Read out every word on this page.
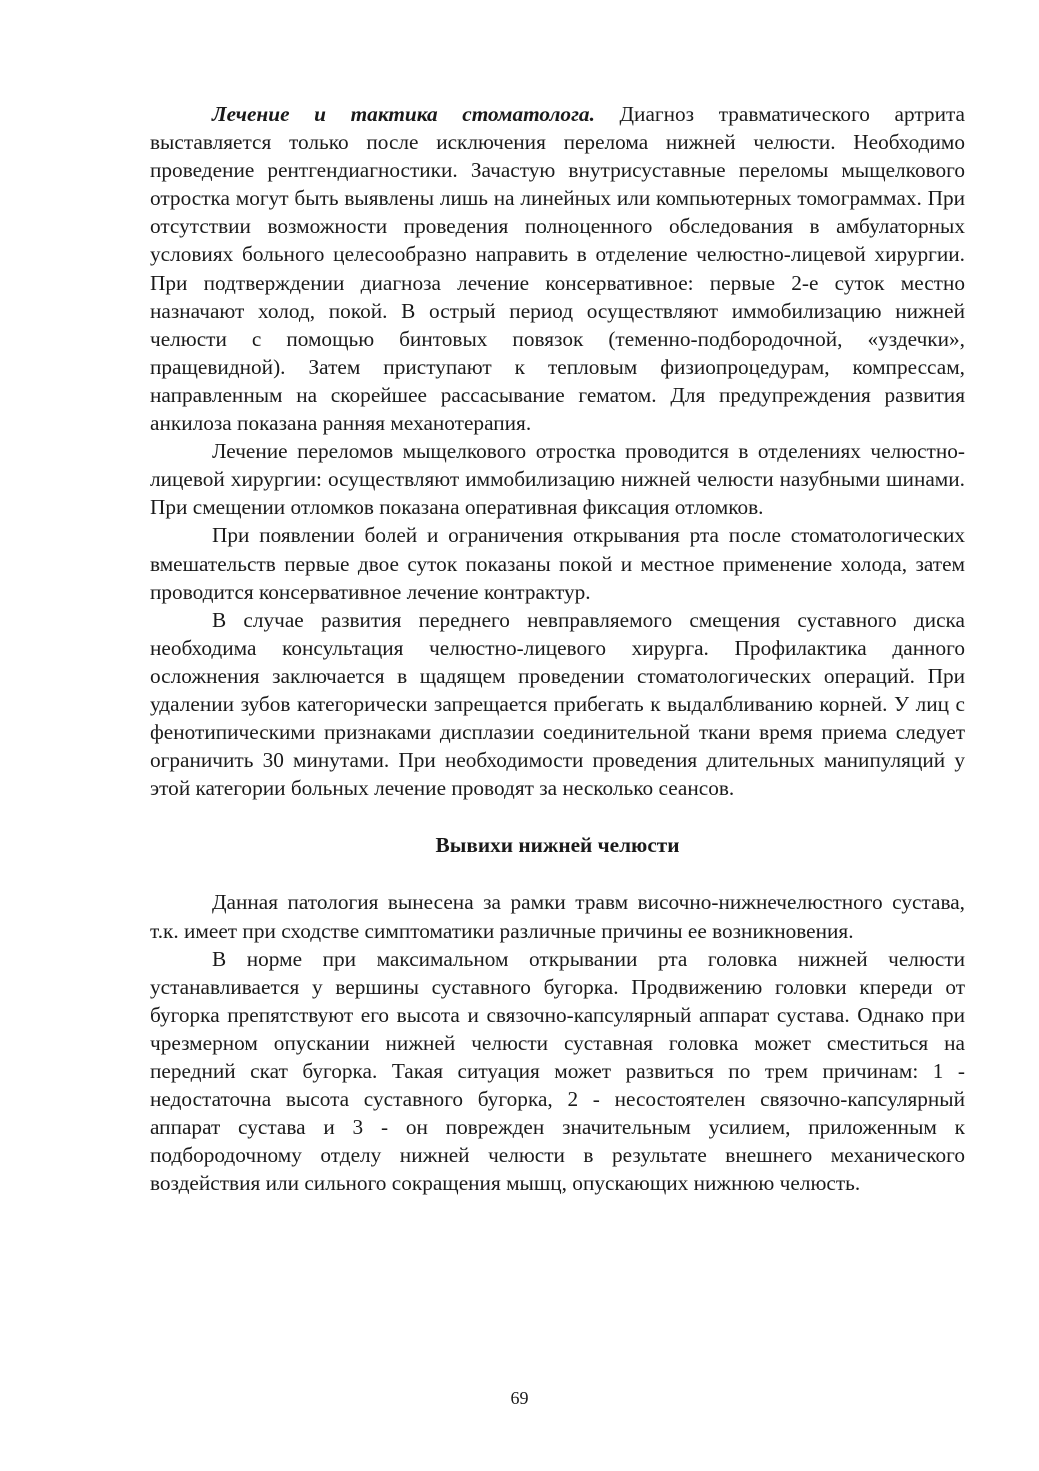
Лечение и тактика стоматолога. Диагноз травматического артрита выставляется только после исключения перелома нижней челюсти. Необходимо проведение рентгендиагностики. Зачастую внутрисуставные переломы мыщелкового отростка могут быть выявлены лишь на линейных или компьютерных томограммах. При отсутствии возможности проведения полноценного обследования в амбулаторных условиях больного целесообразно направить в отделение челюстно-лицевой хирургии. При подтверждении диагноза лечение консервативное: первые 2-е суток местно назначают холод, покой. В острый период осуществляют иммобилизацию нижней челюсти с помощью бинтовых повязок (теменно-подбородочной, «уздечки», пращевидной). Затем приступают к тепловым физиопроцедурам, компрессам, направленным на скорейшее рассасывание гематом. Для предупреждения развития анкилоза показана ранняя механотерапия.

Лечение переломов мыщелкового отростка проводится в отделениях челюстно-лицевой хирургии: осуществляют иммобилизацию нижней челюсти назубными шинами. При смещении отломков показана оперативная фиксация отломков.

При появлении болей и ограничения открывания рта после стоматологических вмешательств первые двое суток показаны покой и местное применение холода, затем проводится консервативное лечение контрактур.

В случае развития переднего невправляемого смещения суставного диска необходима консультация челюстно-лицевого хирурга. Профилактика данного осложнения заключается в щадящем проведении стоматологических операций. При удалении зубов категорически запрещается прибегать к выдалбливанию корней. У лиц с фенотипическими признаками дисплазии соединительной ткани время приема следует ограничить 30 минутами. При необходимости проведения длительных манипуляций у этой категории больных лечение проводят за несколько сеансов.

Вывихи нижней челюсти

Данная патология вынесена за рамки травм височно-нижнечелюстного сустава, т.к. имеет при сходстве симптоматики различные причины ее возникновения.

В норме при максимальном открывании рта головка нижней челюсти устанавливается у вершины суставного бугорка. Продвижению головки кпереди от бугорка препятствуют его высота и связочно-капсулярный аппарат сустава. Однако при чрезмерном опускании нижней челюсти суставная головка может сместиться на передний скат бугорка. Такая ситуация может развиться по трем причинам: 1 - недостаточна высота суставного бугорка, 2 - несостоятелен связочно-капсулярный аппарат сустава и 3 - он поврежден значительным усилием, приложенным к подбородочному отделу нижней челюсти в результате внешнего механического воздействия или сильного сокращения мышц, опускающих нижнюю челюсть.

69
